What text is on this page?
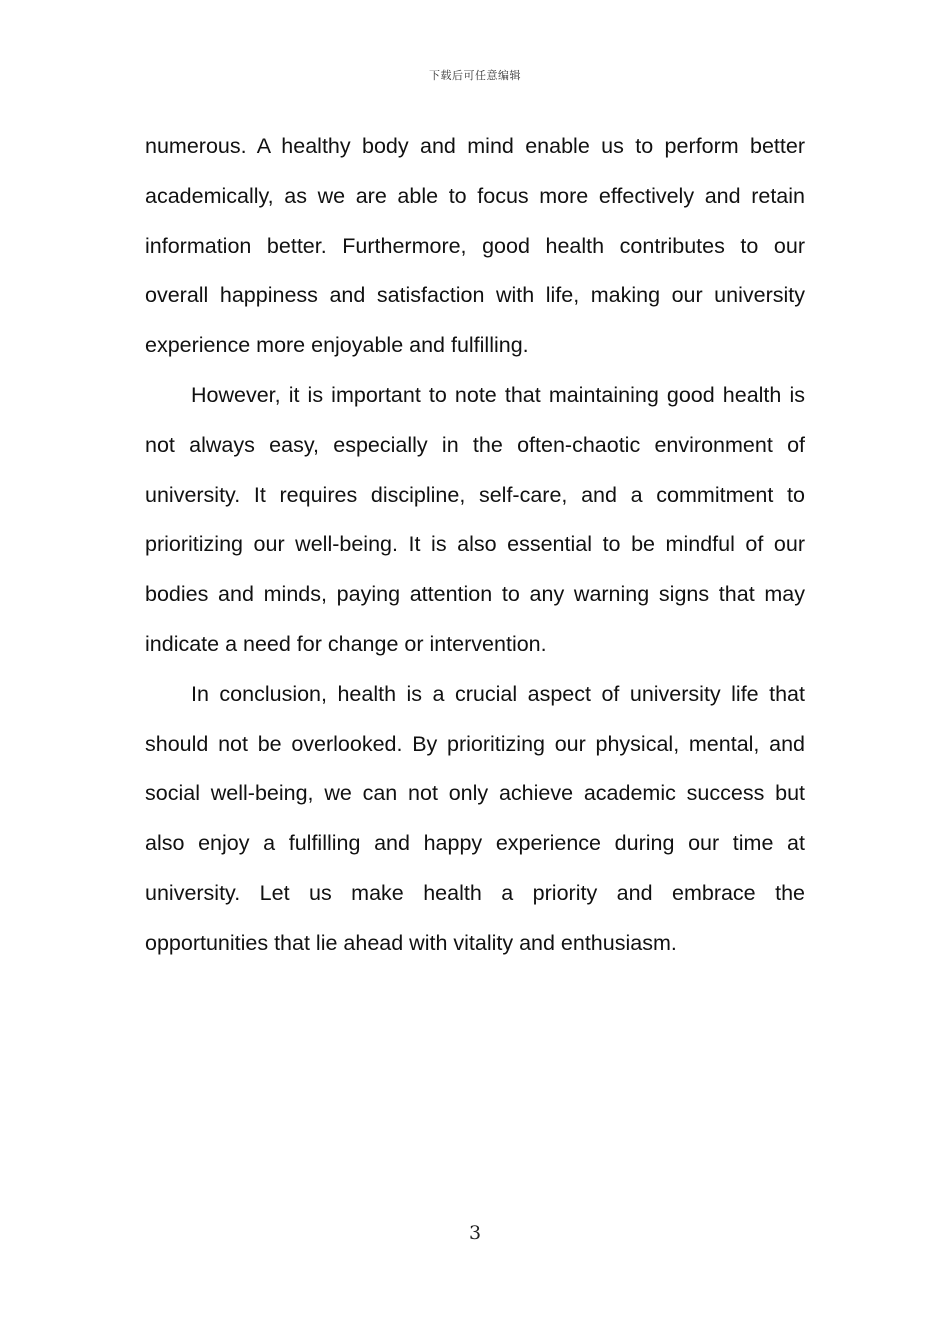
下载后可任意编辑

numerous. A healthy body and mind enable us to perform better academically, as we are able to focus more effectively and retain information better. Furthermore, good health contributes to our overall happiness and satisfaction with life, making our university experience more enjoyable and fulfilling.

However, it is important to note that maintaining good health is not always easy, especially in the often-chaotic environment of university. It requires discipline, self-care, and a commitment to prioritizing our well-being. It is also essential to be mindful of our bodies and minds, paying attention to any warning signs that may indicate a need for change or intervention.

In conclusion, health is a crucial aspect of university life that should not be overlooked. By prioritizing our physical, mental, and social well-being, we can not only achieve academic success but also enjoy a fulfilling and happy experience during our time at university. Let us make health a priority and embrace the opportunities that lie ahead with vitality and enthusiasm.

3
